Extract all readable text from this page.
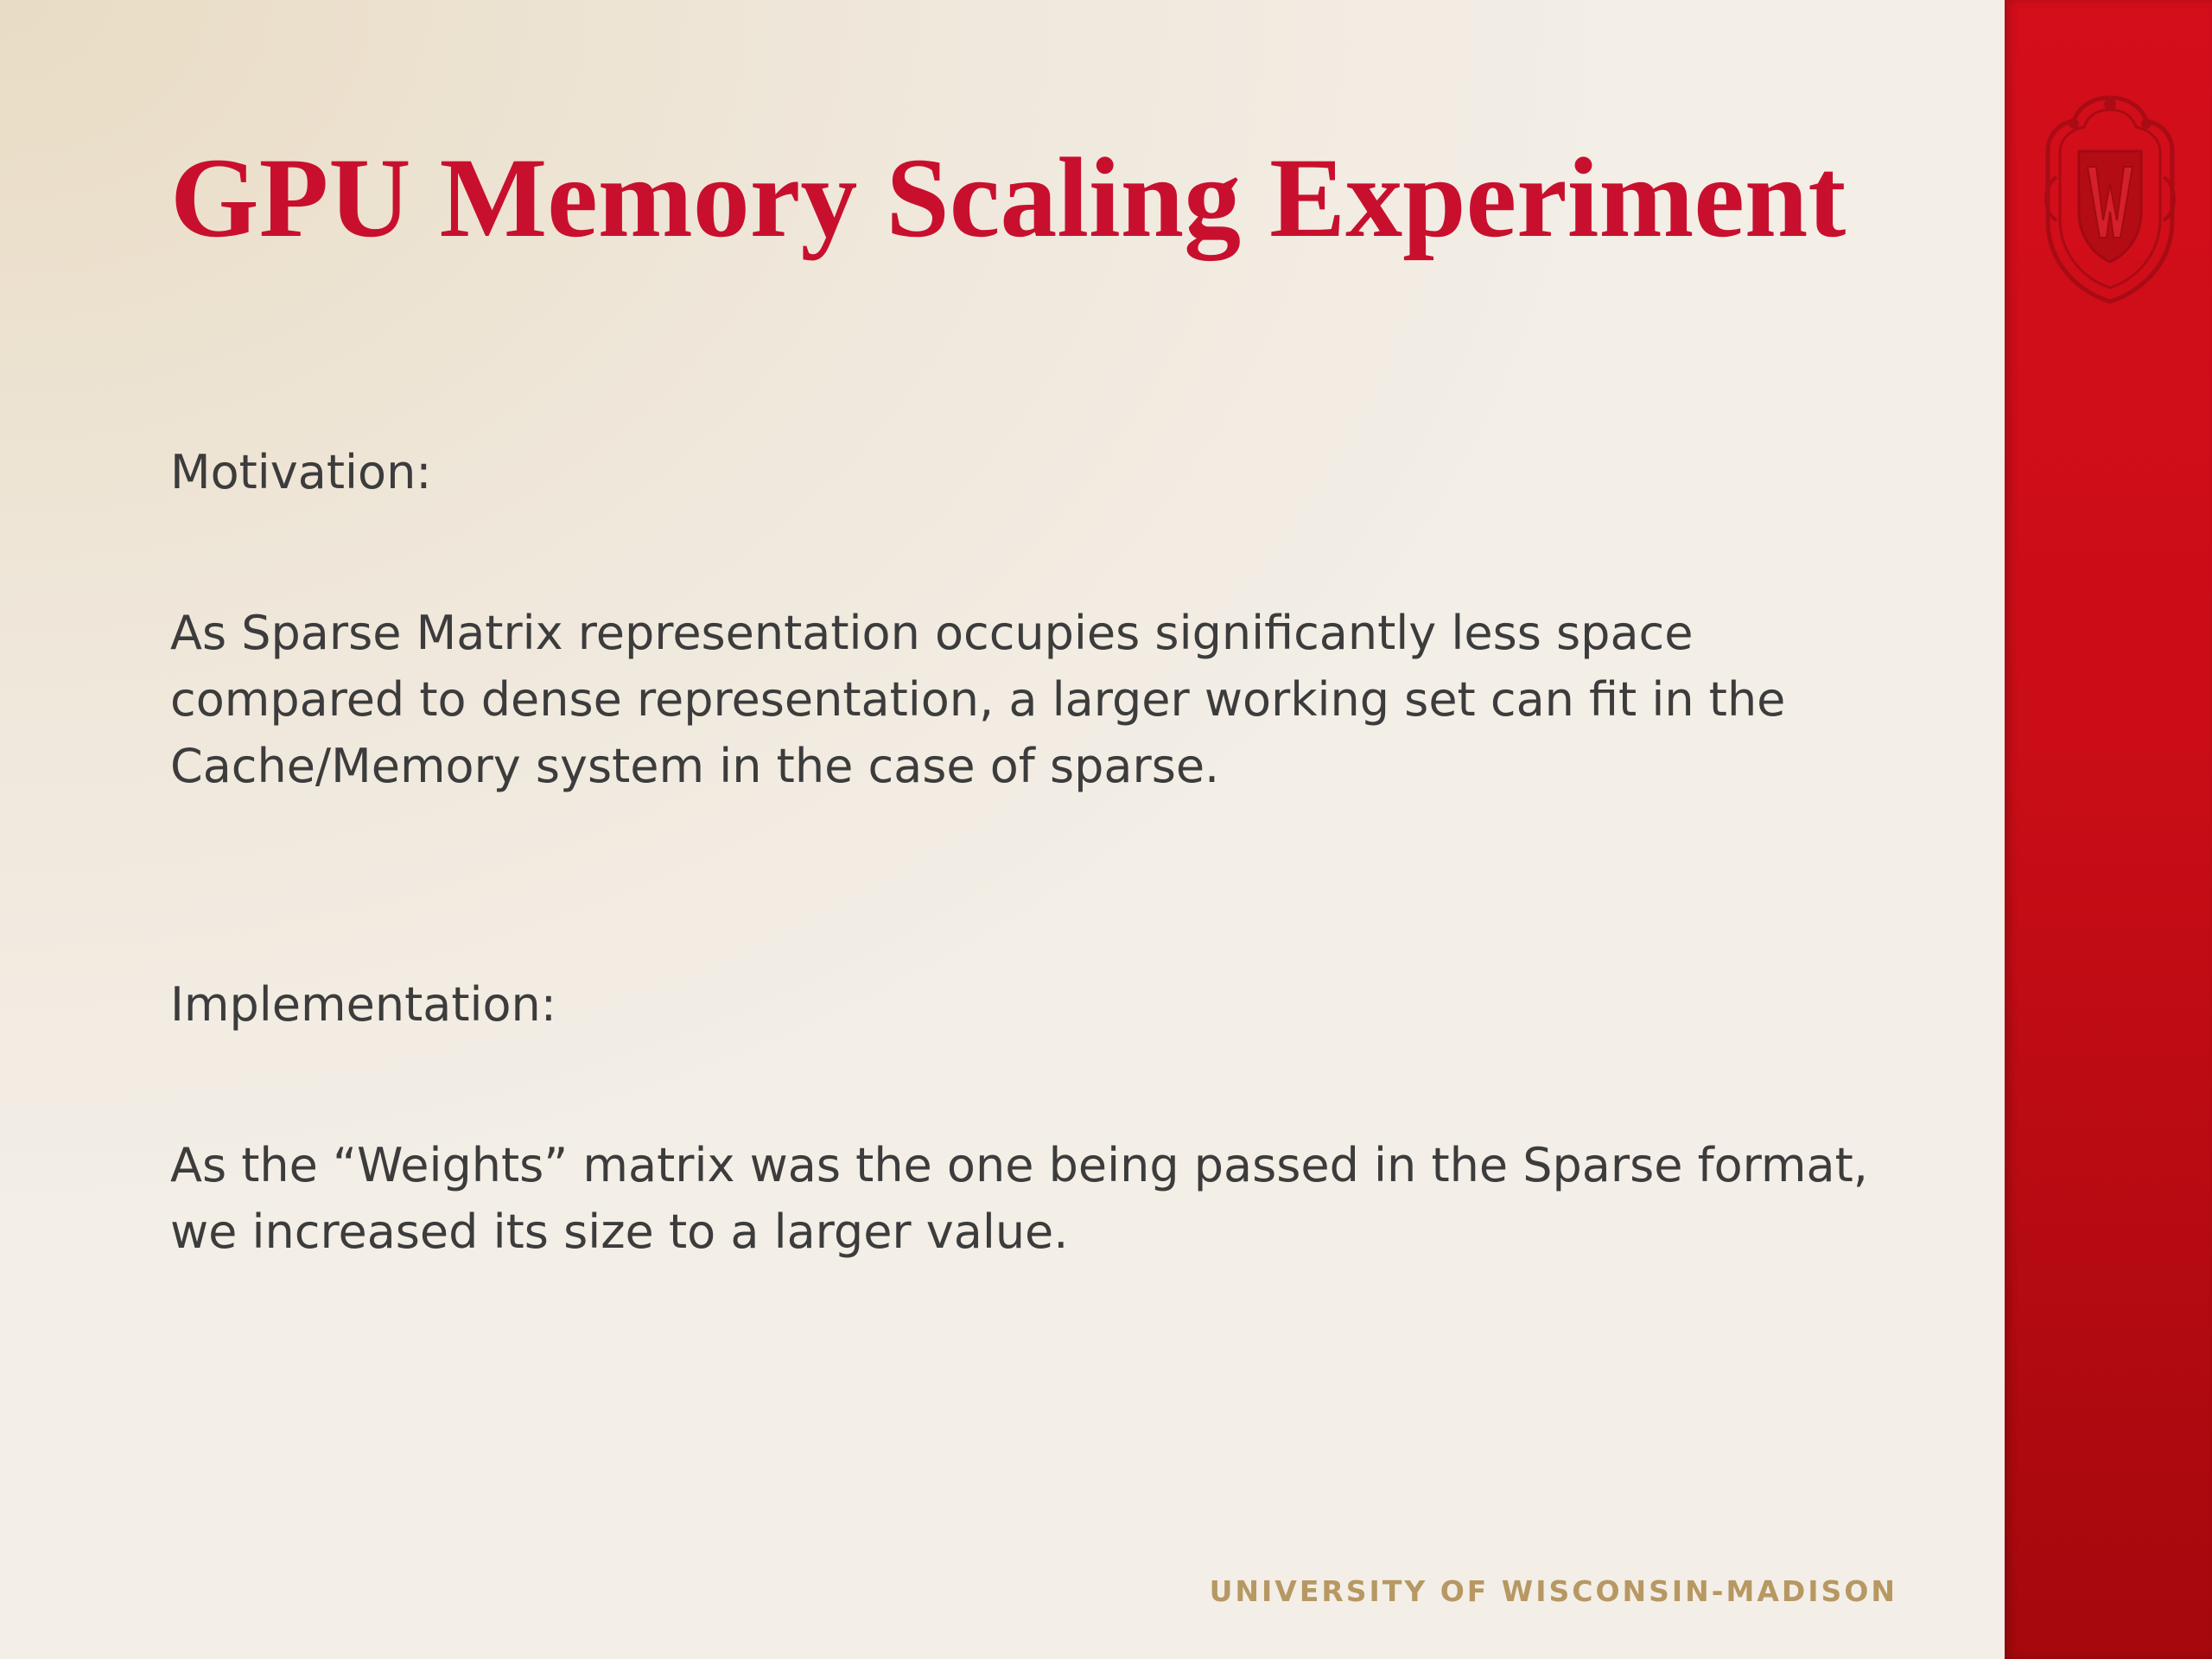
GPU Memory Scaling Experiment

Motivation:

As Sparse Matrix representation occupies significantly less space compared to dense representation, a larger working set can fit in the Cache/Memory system in the case of sparse.

Implementation:

As the “Weights” matrix was the one being passed in the Sparse format, we increased its size to a larger value.

UNIVERSITY OF WISCONSIN-MADISON
